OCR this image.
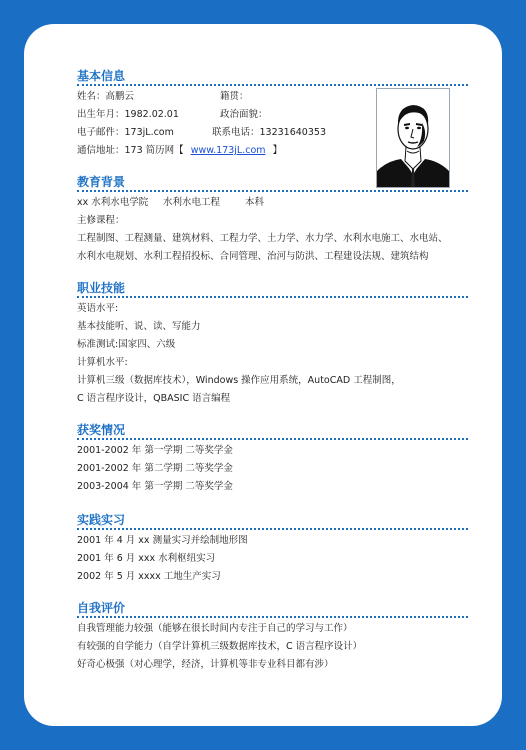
基本信息
姓名：高鹏云	籍贯：
出生年月：1982.02.01	政治面貌：
电子邮件：173jL.com	联系电话：13231640353
通信地址：173 简历网【 www.173jL.com 】
教育背景
xx 水利水电学院 水利水电工程	本科
主修课程：
工程制图、工程测量、建筑材料、工程力学、土力学、水力学、水利水电施工、水电站、
水利水电规划、水利工程招投标、合同管理、治河与防洪、工程建设法规、建筑结构
职业技能
英语水平:
基本技能听、说、读、写能力
标准测试:国家四、六级
计算机水平:
计算机三级（数据库技术），Windows 操作应用系统，AutoCAD 工程制图，
C 语言程序设计，QBASIC 语言编程
获奖情况
2001-2002 年 第一学期 二等奖学金
2001-2002 年 第二学期 二等奖学金
2003-2004 年 第一学期 二等奖学金
实践实习
2001 年 4 月 xx 测量实习并绘制地形图
2001 年 6 月 xxx 水利枢纽实习
2002 年 5 月 xxxx 工地生产实习
自我评价
自我管理能力较强（能够在很长时间内专注于自己的学习与工作）
有较强的自学能力（自学计算机三级数据库技术，C 语言程序设计）
好奇心极强（对心理学，经济，计算机等非专业科目都有涉）
